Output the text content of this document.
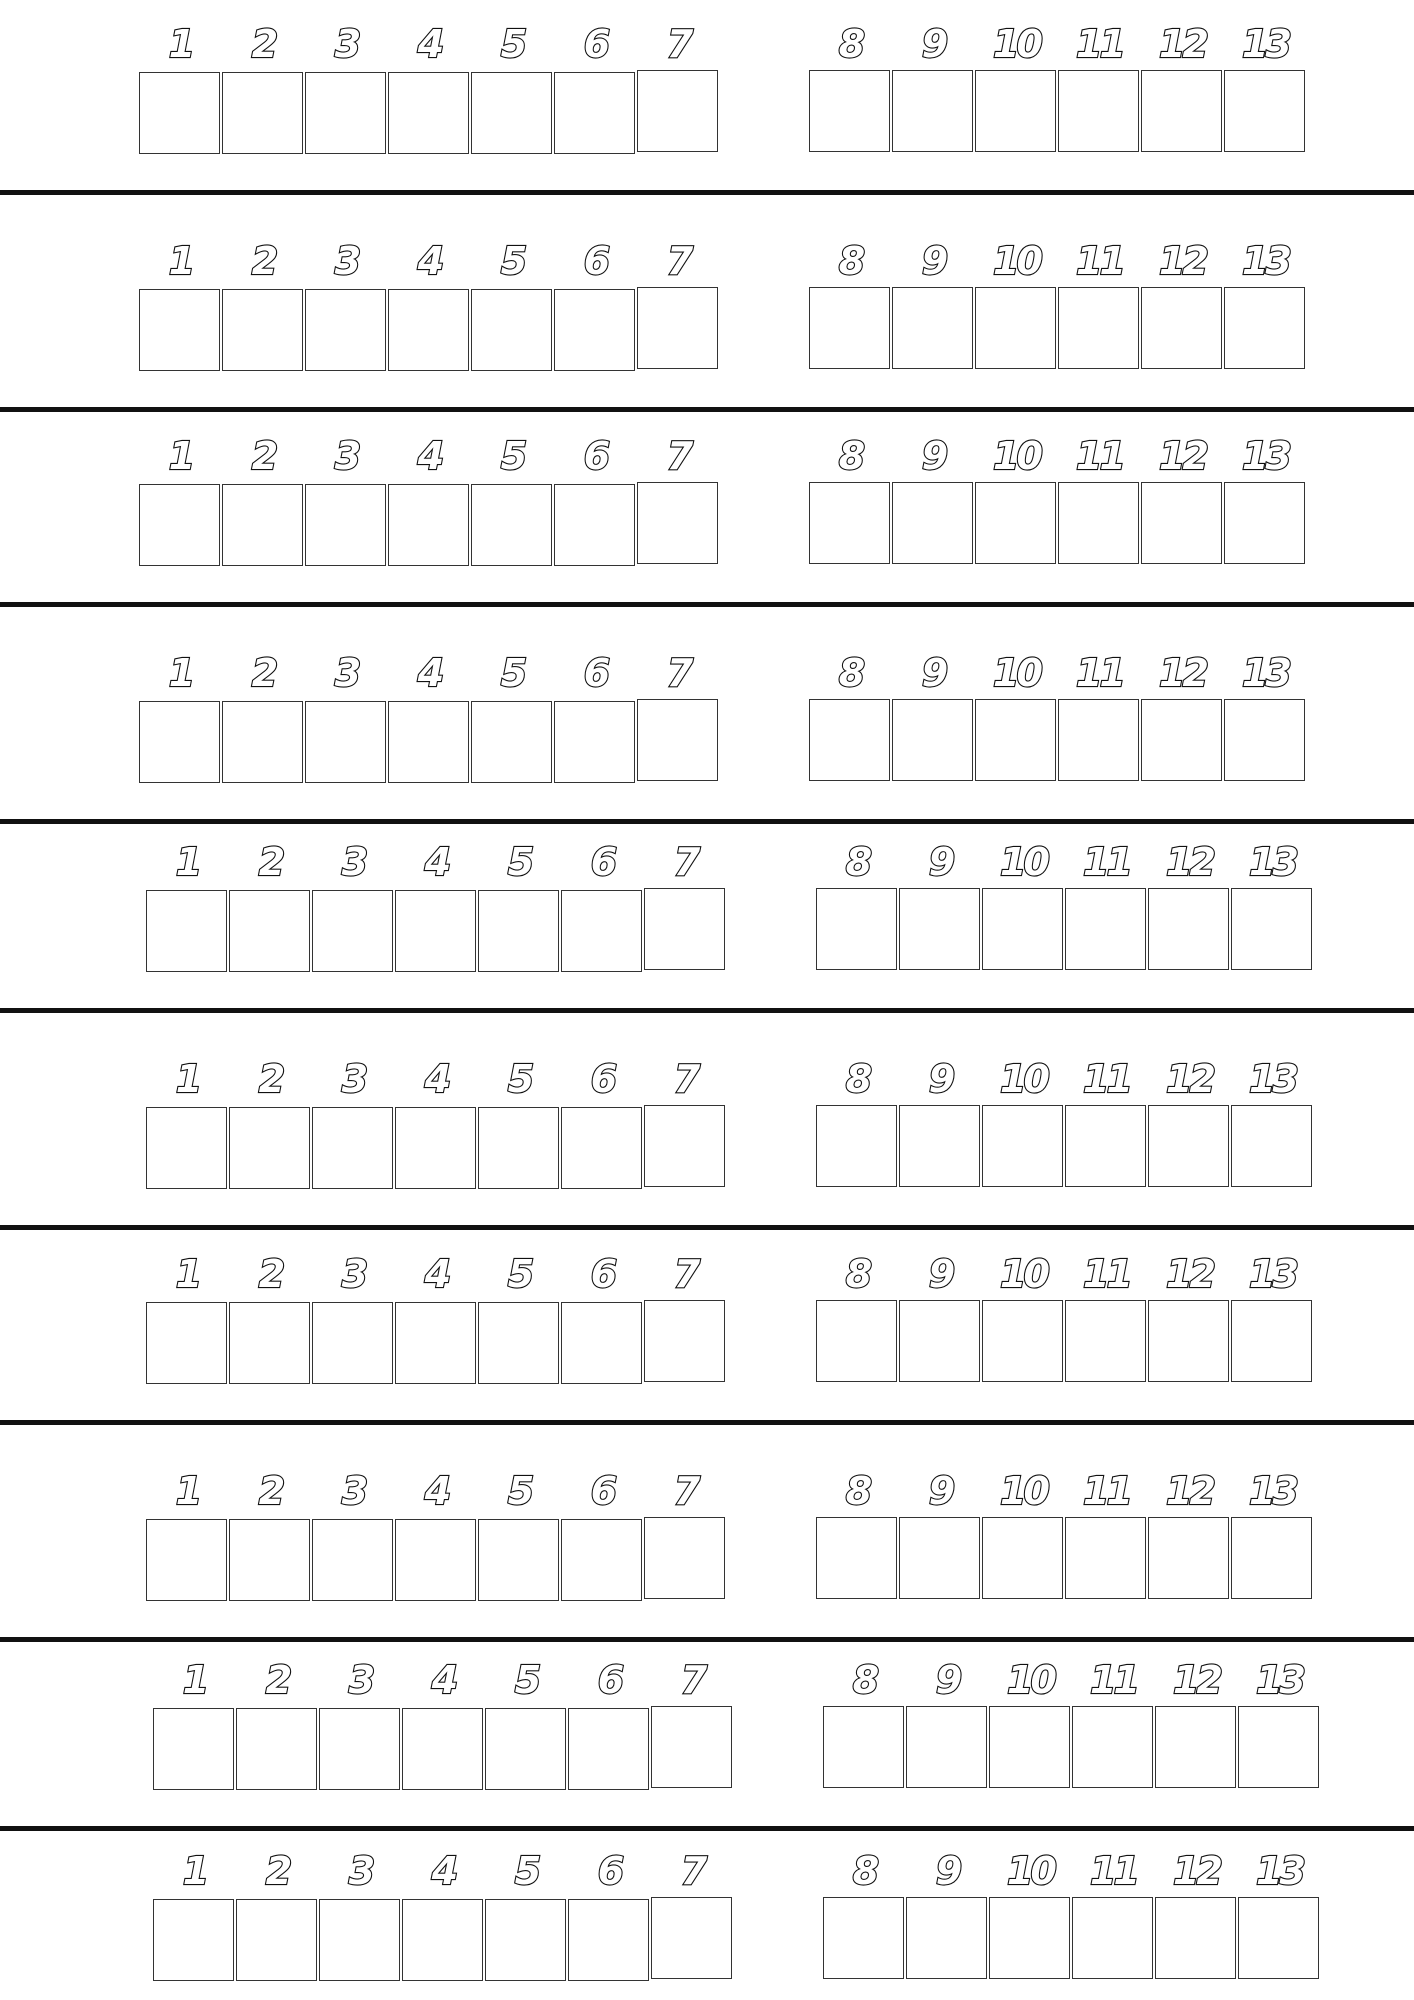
1	2	3	4	5	6	7	8	9	10 11 12 13
1	2	3	4	5	6	7	8	9	10 11 12 13
1	2	3	4	5	6	7	8	9	10 11 12 13
1	2	3	4	5	6	7	8	9	10 11 12 13
1	2	3	4	5	6	7	8	9	10 11 12 13
1	2	3	4	5	6	7	8	9	10 11 12 13
1	2	3	4	5	6	7	8	9	10 11 12 13
1	2	3	4	5	6	7	8	9	10 11 12 13
1	2	3	4	5	6	7	8	9	10 11 12 13
1	2	3	4	5	6	7	8	9	10 11 12 13
